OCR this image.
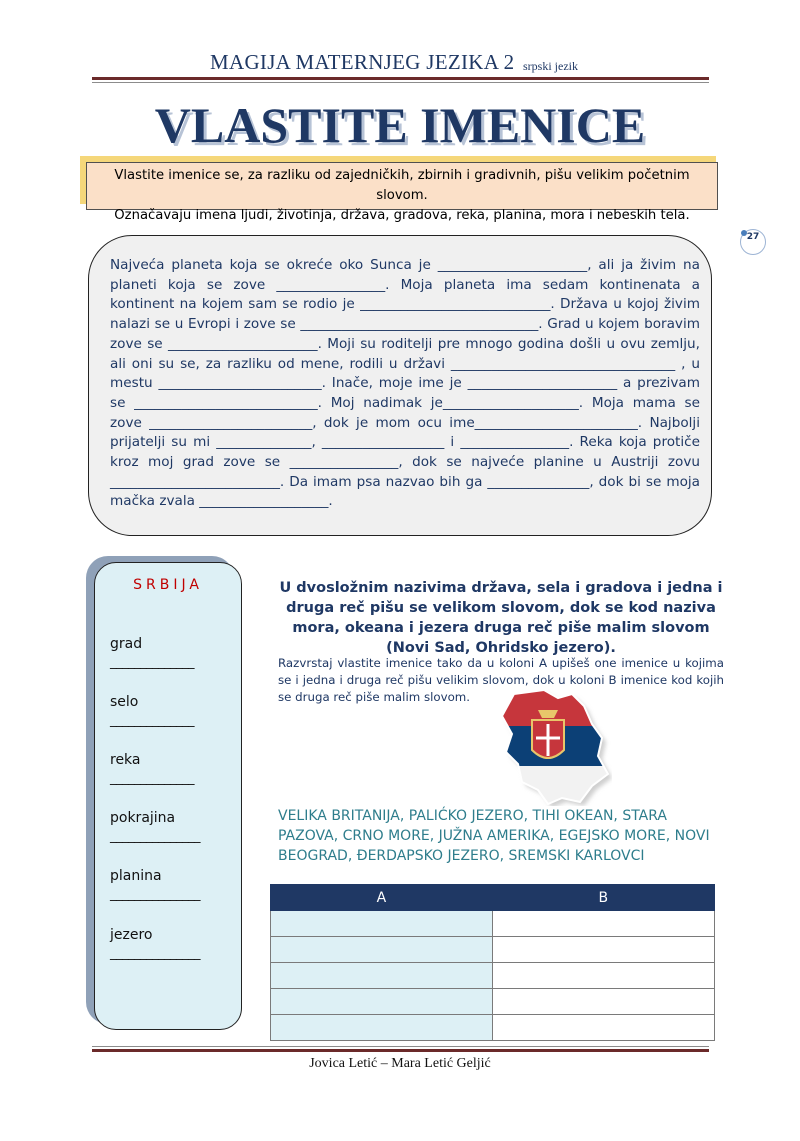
MAGIJA MATERNJEG JEZIKA 2 srpski jezik
VLASTITE IMENICE
Vlastite imenice se, za razliku od zajedničkih, zbirnih i gradivnih, pišu velikim početnim slovom.
Označavaju imena ljudi, životinja, država, gradova, reka, planina, mora i nebeskih tela.
27
Najveća planeta koja se okreće oko Sunca je ______________________, ali ja živim na planeti koja se zove ________________. Moja planeta ima sedam kontinenata a kontinent na kojem sam se rodio je ____________________________. Država u kojoj živim nalazi se u Evropi i zove se ___________________________________. Grad u kojem boravim zove se ______________________. Moji su roditelji pre mnogo godina došli u ovu zemlju, ali oni su se, za razliku od mene, rodili u državi _________________________________ , u mestu ________________________. Inače, moje ime je ______________________ a prezivam se ___________________________. Moj nadimak je____________________. Moja mama se zove ________________________, dok je mom ocu ime________________________. Najbolji prijatelji su mi ______________, __________________ i ________________. Reka koja protiče kroz moj grad zove se ________________, dok se najveće planine u Austriji zovu _________________________. Da imam psa nazvao bih ga _______________, dok bi se moja mačka zvala ___________________.
SRBIJA
grad
______________
selo
______________
reka
______________
pokrajina
_______________
planina
_______________
jezero
_______________
U dvosložnim nazivima država, sela i gradova i jedna i druga reč pišu se velikom slovom, dok se kod naziva mora, okeana i jezera druga reč piše malim slovom (Novi Sad, Ohridsko jezero).
Razvrstaj vlastite imenice tako da u koloni A upišeš one imenice u kojima se i jedna i druga reč pišu velikim slovom, dok u koloni B imenice kod kojih se druga reč piše malim slovom.
VELIKA BRITANIJA, PALIĆKO JEZERO, TIHI OKEAN, STARA PAZOVA, CRNO MORE, JUŽNA AMERIKA, EGEJSKO MORE, NOVI BEOGRAD, ĐERDAPSKO JEZERO, SREMSKI KARLOVCI
A	B

Jovica Letić – Mara Letić Geljić
